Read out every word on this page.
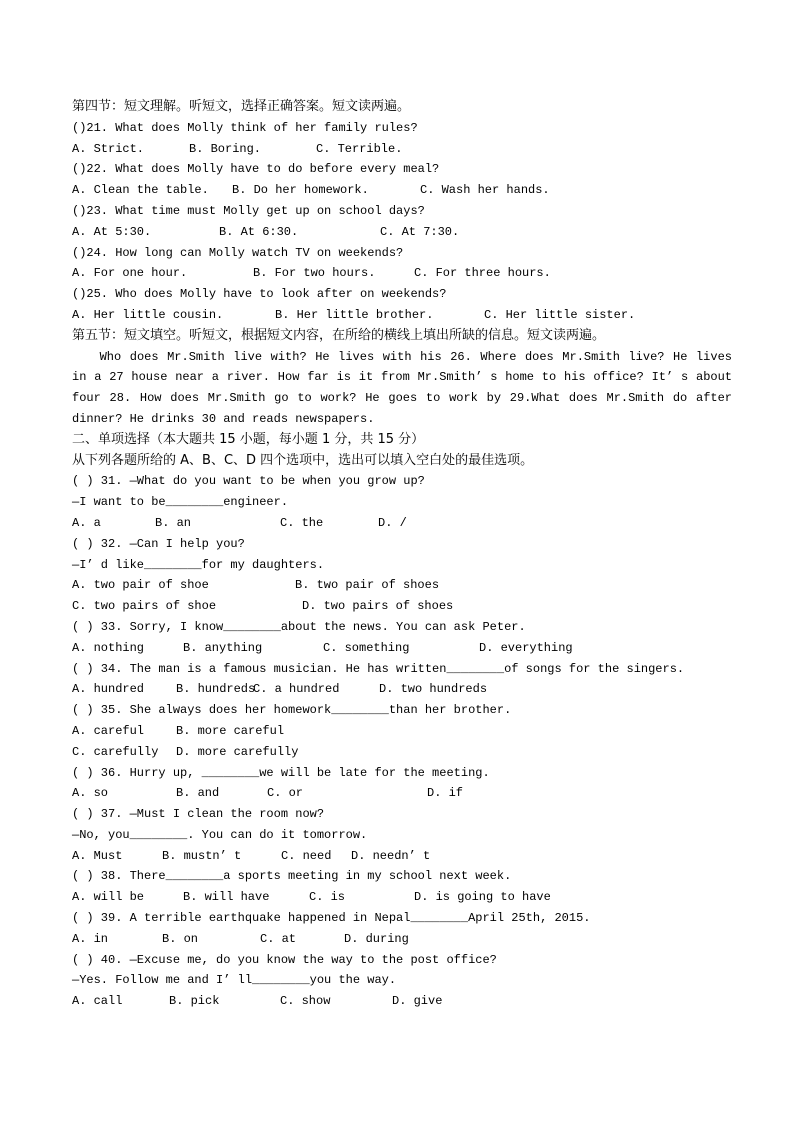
第四节：短文理解。听短文，选择正确答案。短文读两遍。
()21. What does Molly think of her family rules?
A. Strict.	B. Boring.	C. Terrible.
()22. What does Molly have to do before every meal?
A. Clean the table. B. Do her homework.	C. Wash her hands.
()23. What time must Molly get up on school days?
A. At 5:30.	B. At 6:30.	C. At 7:30.
()24. How long can Molly watch TV on weekends?
A. For one hour.	B. For two hours.	C. For three hours.
()25. Who does Molly have to look after on weekends?
A. Her little cousin.	B. Her little brother.	C. Her little sister.
第五节：短文填空。听短文，根据短文内容，在所给的横线上填出所缺的信息。短文读两遍。
Who does Mr.Smith live with? He lives with his 26. Where does Mr.Smith live? He lives in a 27 house near a river. How far is it from Mr.Smith’ s home to his office? It’ s about four 28. How does Mr.Smith go to work? He goes to work by 29.What does Mr.Smith do after dinner? He drinks 30 and reads newspapers.
二、单项选择（本大题共 15 小题，每小题 1 分，共 15 分）
从下列各题所给的 A、B、C、D 四个选项中，选出可以填入空白处的最佳选项。
( ) 31. —What do you want to be when you grow up?
—I want to be________engineer.
A. a	B. an	C. the	D. /
( ) 32. —Can I help you?
—I’ d like________for my daughters.
A. two pair of shoe	B. two pair of shoes
C. two pairs of shoe	D. two pairs of shoes
( ) 33. Sorry, I know________about the news. You can ask Peter.
A. nothing	B. anything	C. something	D. everything
( ) 34. The man is a famous musician. He has written________of songs for the singers.
A. hundred	B. hundredsC. a hundred	D. two hundreds
( ) 35. She always does her homework________than her brother.
A. careful	B. more careful
C. carefully D. more carefully
( ) 36. Hurry up, ________we will be late for the meeting.
A. so	B. and	C. or	D. if
( ) 37. —Must I clean the room now?
—No, you________. You can do it tomorrow.
A. Must	B. mustn’ t	C. need D. needn’ t
( ) 38. There________a sports meeting in my school next week.
A. will be	B. will have	C. is	D. is going to have
( ) 39. A terrible earthquake happened in Nepal________April 25th, 2015.
A. in	B. on	C. at	D. during
( ) 40. —Excuse me, do you know the way to the post office?
—Yes. Follow me and I’ ll________you the way.
A. call	B. pick	C. show	D. give
